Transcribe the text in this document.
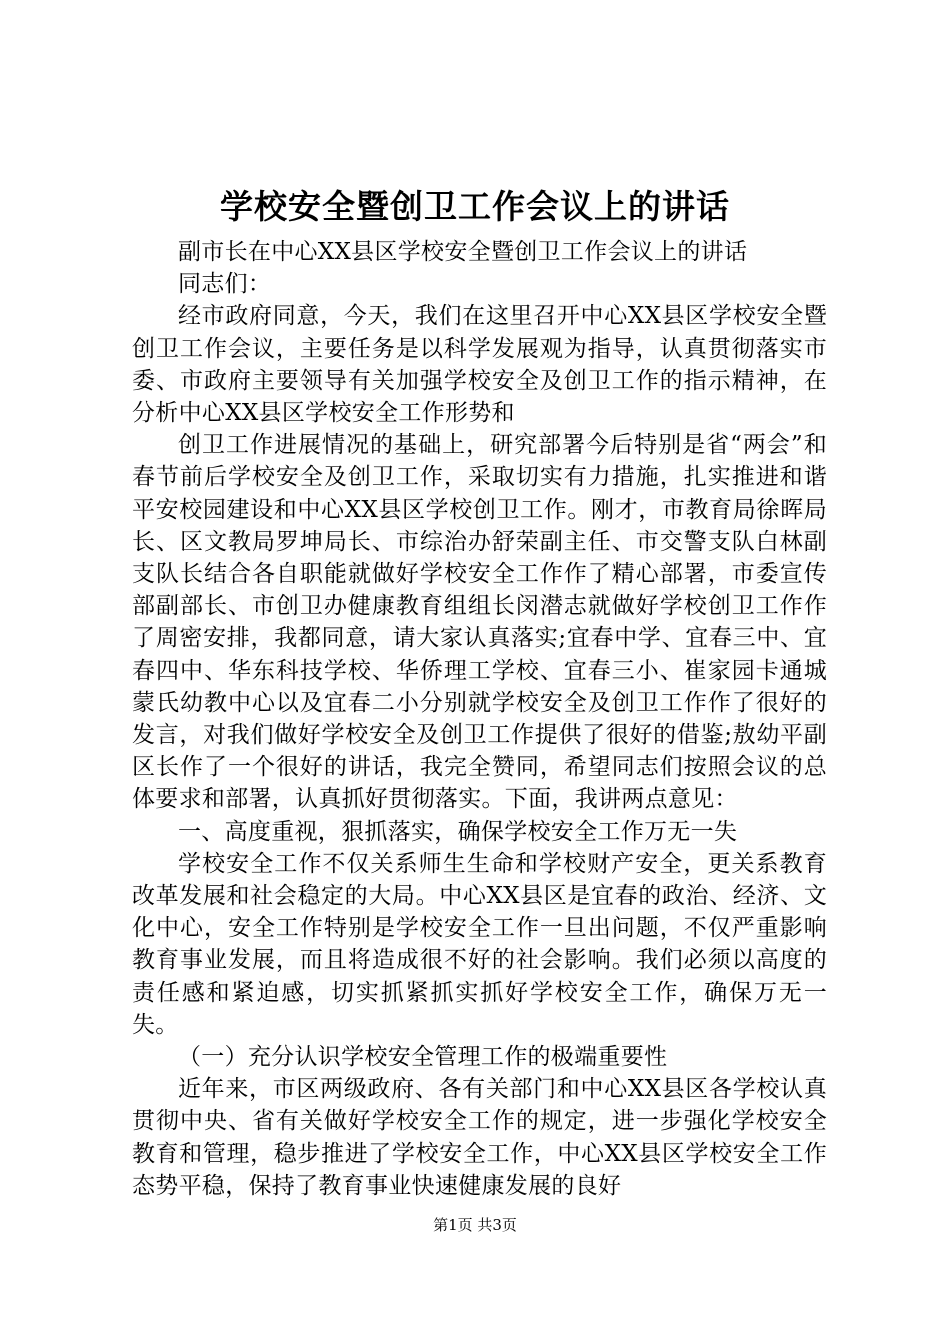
学校安全暨创卫工作会议上的讲话

副市长在中心XX县区学校安全暨创卫工作会议上的讲话

同志们：

经市政府同意，今天，我们在这里召开中心XX县区学校安全暨创卫工作会议，主要任务是以科学发展观为指导，认真贯彻落实市委、市政府主要领导有关加强学校安全及创卫工作的指示精神，在分析中心XX县区学校安全工作形势和

创卫工作进展情况的基础上，研究部署今后特别是省“两会”和春节前后学校安全及创卫工作，采取切实有力措施，扎实推进和谐平安校园建设和中心XX县区学校创卫工作。刚才，市教育局徐晖局长、区文教局罗坤局长、市综治办舒荣副主任、市交警支队白林副支队长结合各自职能就做好学校安全工作作了精心部署，市委宣传部副部长、市创卫办健康教育组组长闵潜志就做好学校创卫工作作了周密安排，我都同意，请大家认真落实;宜春中学、宜春三中、宜春四中、华东科技学校、华侨理工学校、宜春三小、崔家园卡通城蒙氏幼教中心以及宜春二小分别就学校安全及创卫工作作了很好的发言，对我们做好学校安全及创卫工作提供了很好的借鉴;敖幼平副区长作了一个很好的讲话，我完全赞同，希望同志们按照会议的总体要求和部署，认真抓好贯彻落实。下面，我讲两点意见：

一、高度重视，狠抓落实，确保学校安全工作万无一失

学校安全工作不仅关系师生生命和学校财产安全，更关系教育改革发展和社会稳定的大局。中心XX县区是宜春的政治、经济、文化中心，安全工作特别是学校安全工作一旦出问题，不仅严重影响教育事业发展，而且将造成很不好的社会影响。我们必须以高度的责任感和紧迫感，切实抓紧抓实抓好学校安全工作，确保万无一失。

（一）充分认识学校安全管理工作的极端重要性

近年来，市区两级政府、各有关部门和中心XX县区各学校认真贯彻中央、省有关做好学校安全工作的规定，进一步强化学校安全教育和管理，稳步推进了学校安全工作，中心XX县区学校安全工作态势平稳，保持了教育事业快速健康发展的良好

第1页 共3页
